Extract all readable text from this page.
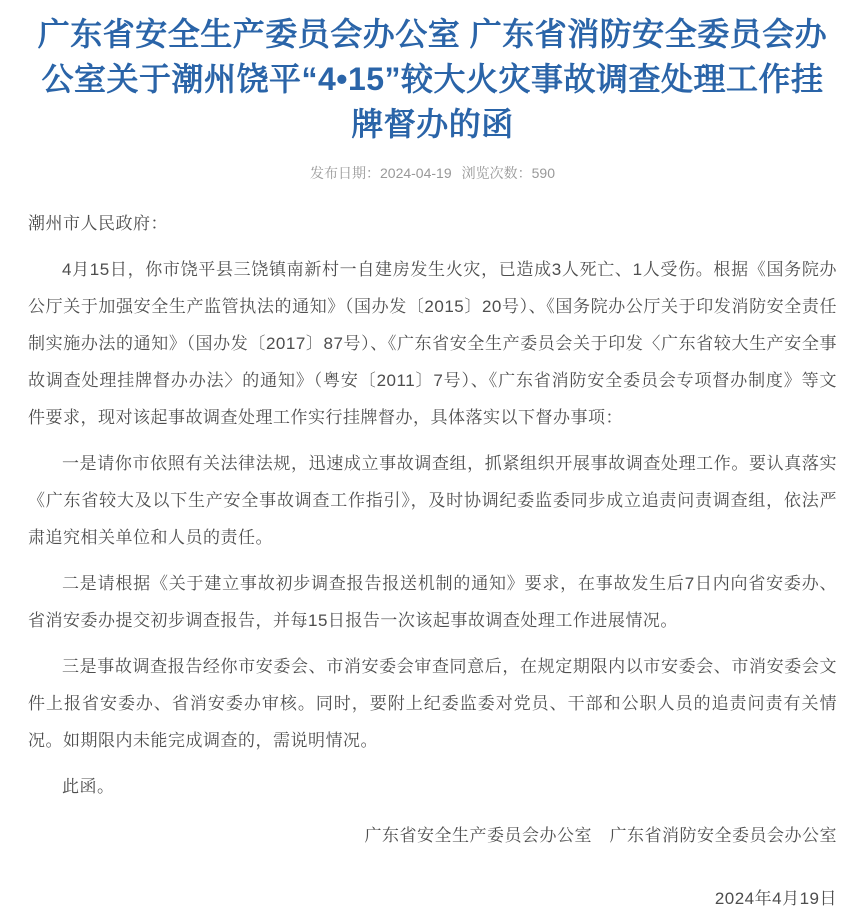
广东省安全生产委员会办公室 广东省消防安全委员会办公室关于潮州饶平“4•15”较大火灾事故调查处理工作挂牌督办的函
发布日期：2024-04-19 浏览次数：590

潮州市人民政府：

4月15日，你市饶平县三饶镇南新村一自建房发生火灾，已造成3人死亡、1人受伤。根据《国务院办公厅关于加强安全生产监管执法的通知》（国办发〔2015〕20号）、《国务院办公厅关于印发消防安全责任制实施办法的通知》（国办发〔2017〕87号）、《广东省安全生产委员会关于印发〈广东省较大生产安全事故调查处理挂牌督办办法〉的通知》（粤安〔2011〕7号）、《广东省消防安全委员会专项督办制度》等文件要求，现对该起事故调查处理工作实行挂牌督办，具体落实以下督办事项：

一是请你市依照有关法律法规，迅速成立事故调查组，抓紧组织开展事故调查处理工作。要认真落实《广东省较大及以下生产安全事故调查工作指引》，及时协调纪委监委同步成立追责问责调查组，依法严肃追究相关单位和人员的责任。

二是请根据《关于建立事故初步调查报告报送机制的通知》要求，在事故发生后7日内向省安委办、省消安委办提交初步调查报告，并每15日报告一次该起事故调查处理工作进展情况。

三是事故调查报告经你市安委会、市消安委会审查同意后，在规定期限内以市安委会、市消安委会文件上报省安委办、省消安委办审核。同时，要附上纪委监委对党员、干部和公职人员的追责问责有关情况。如期限内未能完成调查的，需说明情况。

此函。

广东省安全生产委员会办公室　广东省消防安全委员会办公室

2024年4月19日
